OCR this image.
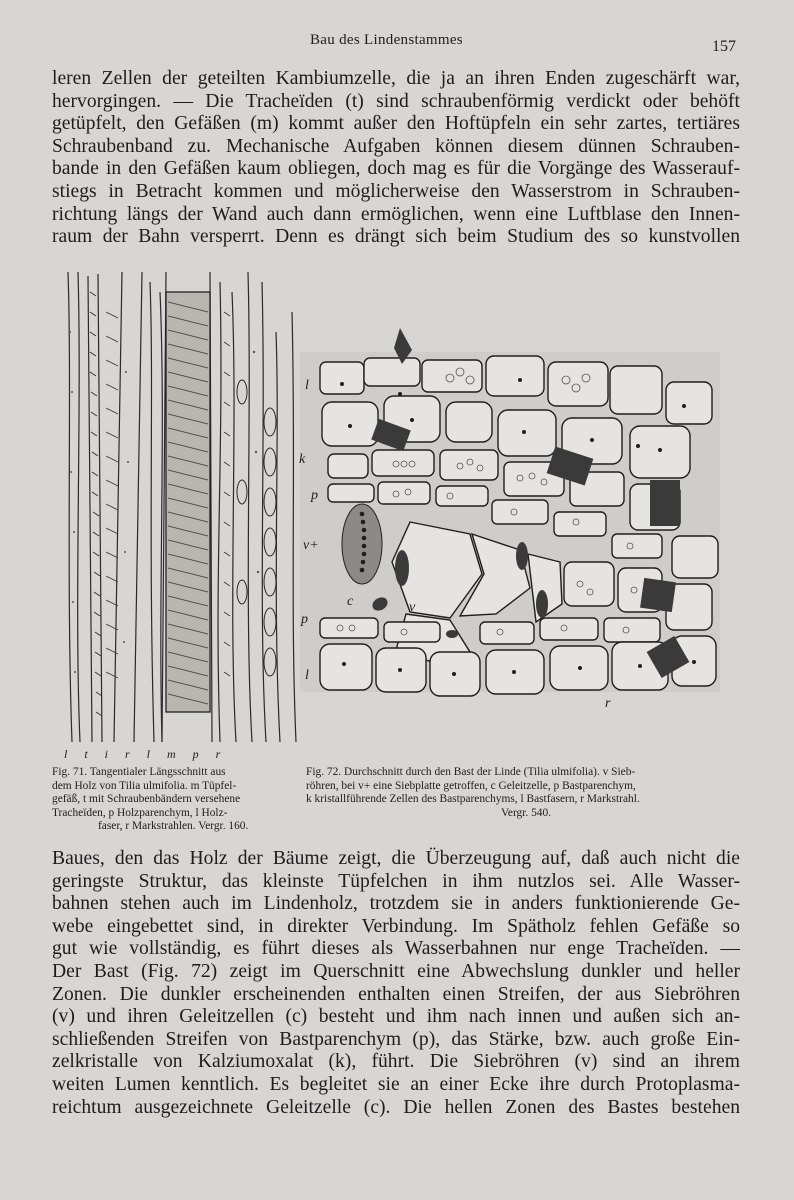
Bau des Lindenstammes	157
leren Zellen der geteilten Kambiumzelle, die ja an ihren Enden zugeschärft war,
hervorgingen. — Die Tracheïden (t) sind schraubenförmig verdickt oder behöft
getüpfelt, den Gefäßen (m) kommt außer den Hoftüpfeln ein sehr zartes, tertiäres
Schraubenband zu. Mechanische Aufgaben können diesem dünnen Schrauben-
bande in den Gefäßen kaum obliegen, doch mag es für die Vorgänge des Wasserauf-
stiegs in Betracht kommen und möglicherweise den Wasserstrom in Schrauben-
richtung längs der Wand auch dann ermöglichen, wenn eine Luftblase den Innen-
raum der Bahn versperrt. Denn es drängt sich beim Studium des so kunstvollen
l t i r l m p r
l
k
p
v+
c	v
p
l
r
Fig. 71. Tangentialer Längsschnitt aus
dem Holz von Tilia ulmifolia. m Tüpfel-
gefäß, t mit Schraubenbändern versehene
Tracheïden, p Holzparenchym, l Holz-
faser, r Markstrahlen. Vergr. 160.
Fig. 72. Durchschnitt durch den Bast der Linde (Tilia ulmifolia). v Sieb-
röhren, bei v+ eine Siebplatte getroffen, c Geleitzelle, p Bastparenchym,
k kristallführende Zellen des Bastparenchyms, l Bastfasern, r Markstrahl.
Vergr. 540.
Baues, den das Holz der Bäume zeigt, die Überzeugung auf, daß auch nicht die
geringste Struktur, das kleinste Tüpfelchen in ihm nutzlos sei. Alle Wasser-
bahnen stehen auch im Lindenholz, trotzdem sie in anders funktionierende Ge-
webe eingebettet sind, in direkter Verbindung. Im Spätholz fehlen Gefäße so
gut wie vollständig, es führt dieses als Wasserbahnen nur enge Tracheïden. —
Der Bast (Fig. 72) zeigt im Querschnitt eine Abwechslung dunkler und heller
Zonen. Die dunkler erscheinenden enthalten einen Streifen, der aus Siebröhren
(v) und ihren Geleitzellen (c) besteht und ihm nach innen und außen sich an-
schließenden Streifen von Bastparenchym (p), das Stärke, bzw. auch große Ein-
zelkristalle von Kalziumoxalat (k), führt. Die Siebröhren (v) sind an ihrem
weiten Lumen kenntlich. Es begleitet sie an einer Ecke ihre durch Protoplasma-
reichtum ausgezeichnete Geleitzelle (c). Die hellen Zonen des Bastes bestehen
